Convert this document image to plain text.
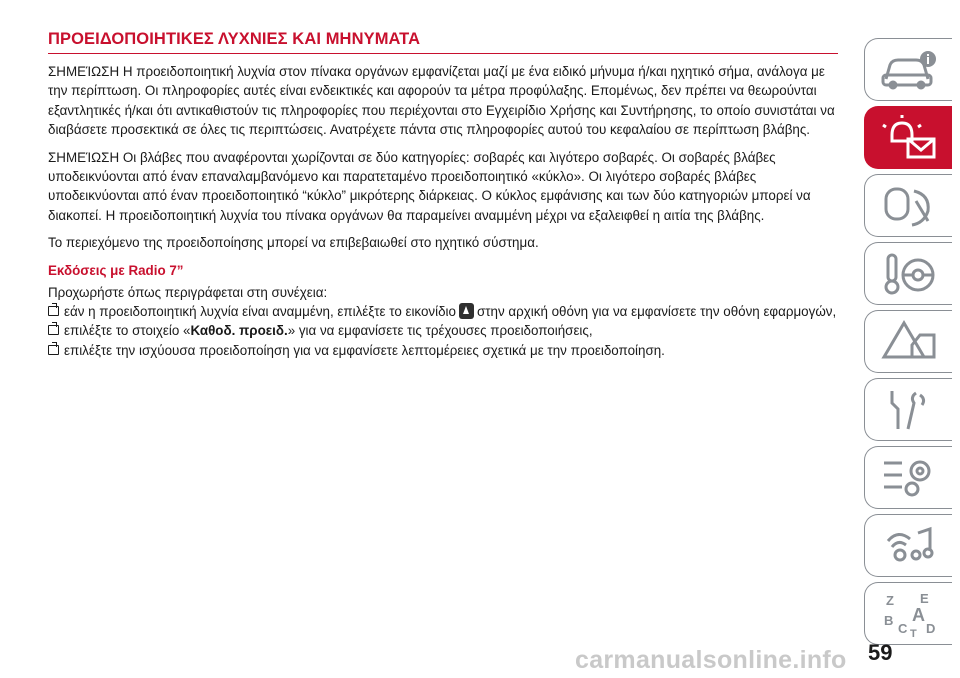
ΠΡΟΕΙΔΟΠΟΙΗΤΙΚΕΣ ΛΥΧΝΙΕΣ ΚΑΙ ΜΗΝΥΜΑΤΑ

ΣΗΜΕΊΩΣΗ Η προειδοποιητική λυχνία στον πίνακα οργάνων εμφανίζεται μαζί με ένα ειδικό μήνυμα ή/και ηχητικό σήμα, ανάλογα με την περίπτωση. Οι πληροφορίες αυτές είναι ενδεικτικές και αφορούν τα μέτρα προφύλαξης. Επομένως, δεν πρέπει να θεωρούνται εξαντλητικές ή/και ότι αντικαθιστούν τις πληροφορίες που περιέχονται στο Εγχειρίδιο Χρήσης και Συντήρησης, το οποίο συνιστάται να διαβάσετε προσεκτικά σε όλες τις περιπτώσεις. Ανατρέχετε πάντα στις πληροφορίες αυτού του κεφαλαίου σε περίπτωση βλάβης.

ΣΗΜΕΊΩΣΗ Οι βλάβες που αναφέρονται χωρίζονται σε δύο κατηγορίες: σοβαρές και λιγότερο σοβαρές. Οι σοβαρές βλάβες υποδεικνύονται από έναν επαναλαμβανόμενο και παρατεταμένο προειδοποιητικό «κύκλο». Οι λιγότερο σοβαρές βλάβες υποδεικνύονται από έναν προειδοποιητικό “κύκλο” μικρότερης διάρκειας. Ο κύκλος εμφάνισης και των δύο κατηγοριών μπορεί να διακοπεί. Η προειδοποιητική λυχνία του πίνακα οργάνων θα παραμείνει αναμμένη μέχρι να εξαλειφθεί η αιτία της βλάβης.

Το περιεχόμενο της προειδοποίησης μπορεί να επιβεβαιωθεί στο ηχητικό σύστημα.

Εκδόσεις με Radio 7”

Προχωρήστε όπως περιγράφεται στη συνέχεια:

εάν η προειδοποιητική λυχνία είναι αναμμένη, επιλέξτε το εικονίδιο στην αρχική οθόνη για να εμφανίσετε την οθόνη εφαρμογών,

επιλέξτε το στοιχείο «Καθοδ. προειδ.» για να εμφανίσετε τις τρέχουσες προειδοποιήσεις,

επιλέξτε την ισχύουσα προειδοποίηση για να εμφανίσετε λεπτομέρειες σχετικά με την προειδοποίηση.

Z E
A
B
C D
T
carmanualsonline.info 59
